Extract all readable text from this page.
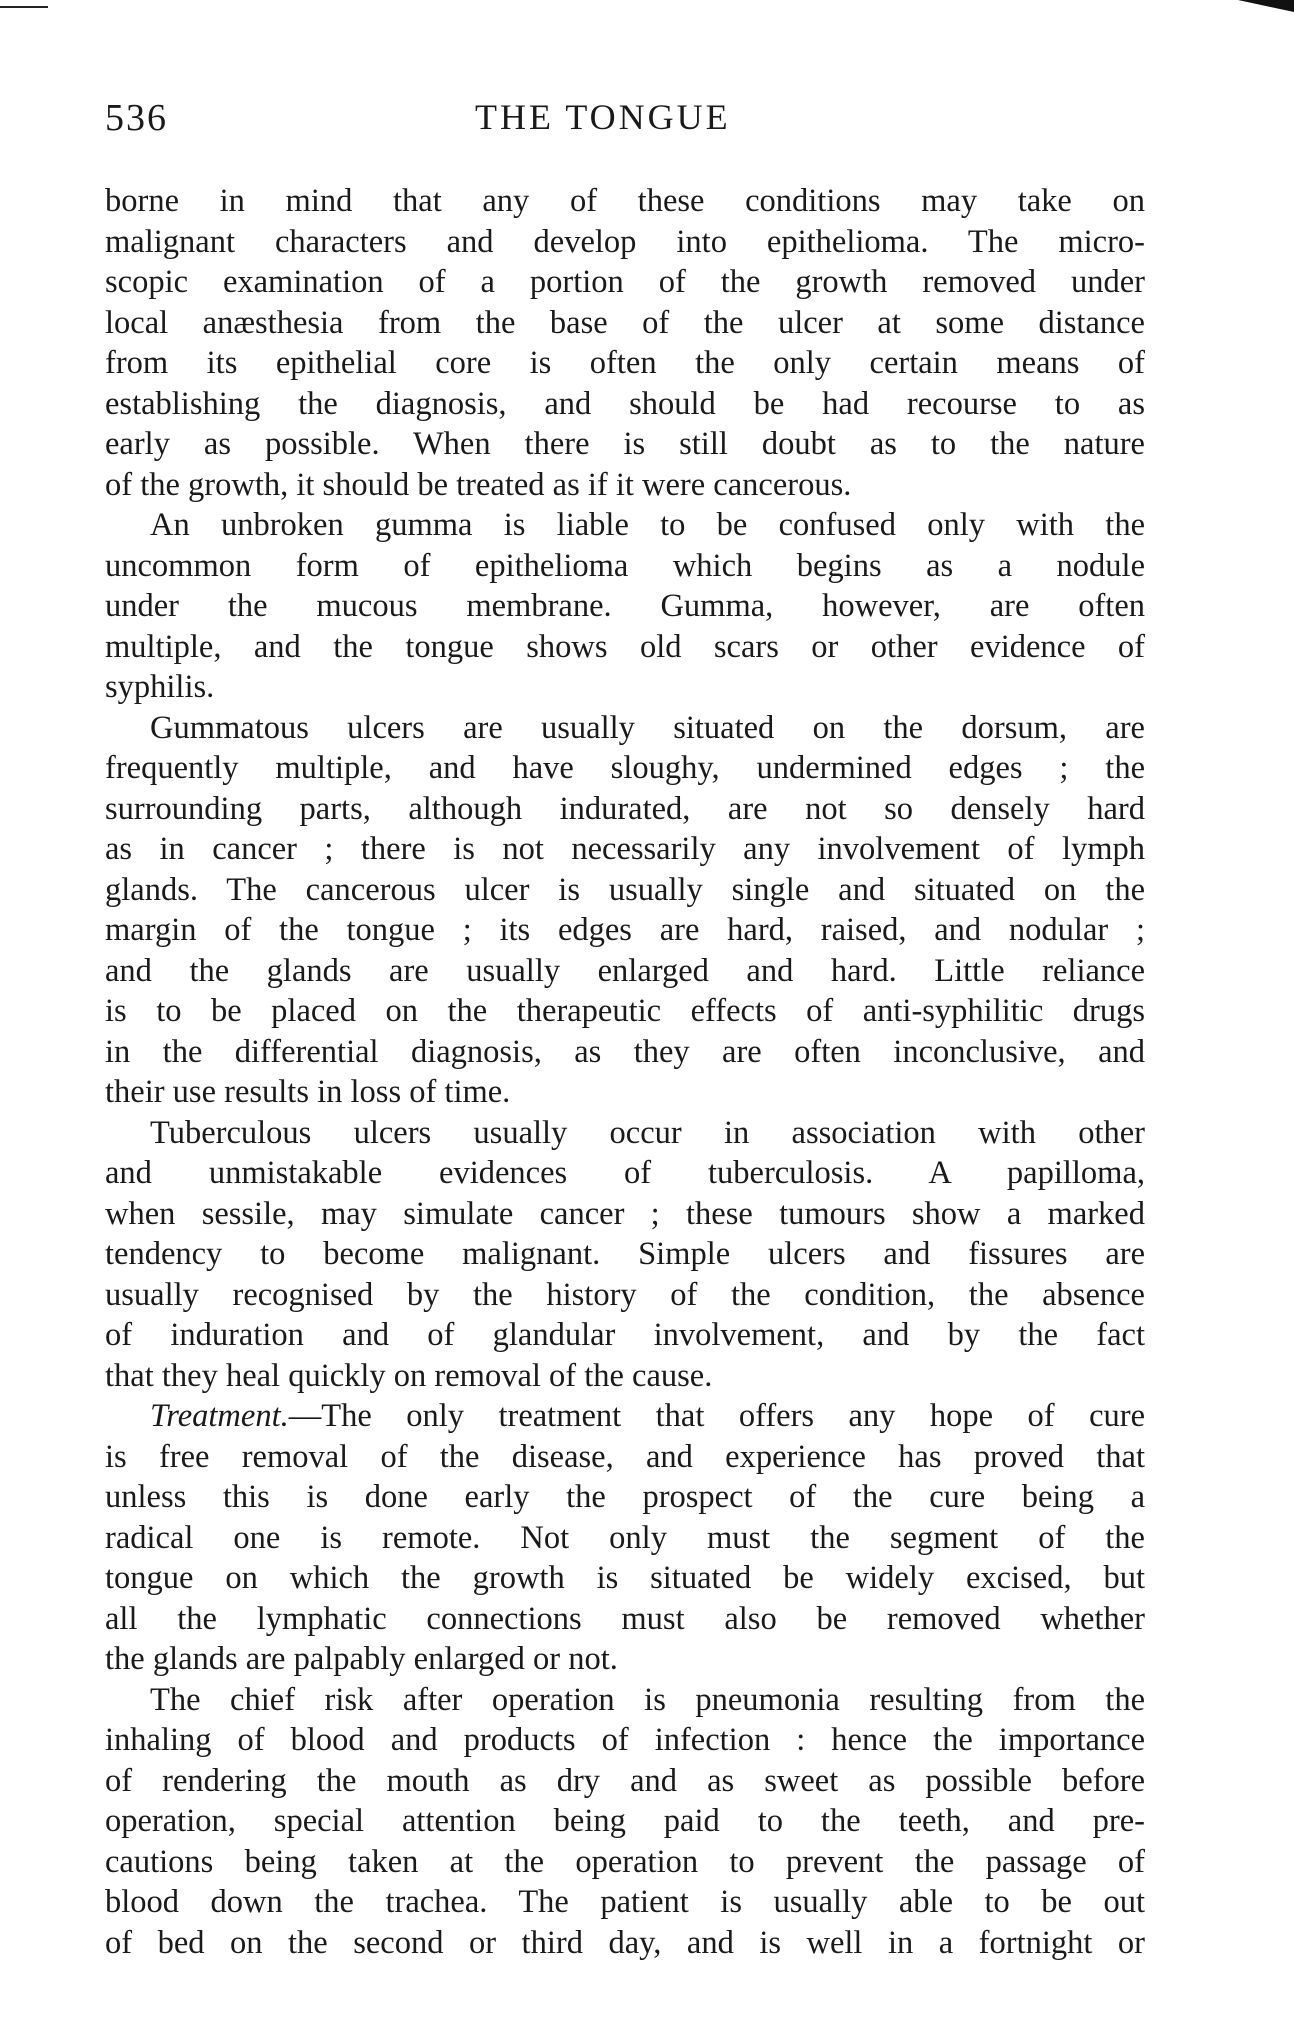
536	THE TONGUE

borne in mind that any of these conditions may take on
malignant characters and develop into epithelioma. The micro-
scopic examination of a portion of the growth removed under
local anæsthesia from the base of the ulcer at some distance
from its epithelial core is often the only certain means of
establishing the diagnosis, and should be had recourse to as
early as possible. When there is still doubt as to the nature
of the growth, it should be treated as if it were cancerous.

An unbroken gumma is liable to be confused only with the
uncommon form of epithelioma which begins as a nodule
under the mucous membrane. Gumma, however, are often
multiple, and the tongue shows old scars or other evidence of
syphilis.

Gummatous ulcers are usually situated on the dorsum, are
frequently multiple, and have sloughy, undermined edges ; the
surrounding parts, although indurated, are not so densely hard
as in cancer ; there is not necessarily any involvement of lymph
glands. The cancerous ulcer is usually single and situated on the
margin of the tongue ; its edges are hard, raised, and nodular ;
and the glands are usually enlarged and hard. Little reliance
is to be placed on the therapeutic effects of anti-syphilitic drugs
in the differential diagnosis, as they are often inconclusive, and
their use results in loss of time.

Tuberculous ulcers usually occur in association with other
and unmistakable evidences of tuberculosis. A papilloma,
when sessile, may simulate cancer ; these tumours show a marked
tendency to become malignant. Simple ulcers and fissures are
usually recognised by the history of the condition, the absence
of induration and of glandular involvement, and by the fact
that they heal quickly on removal of the cause.

Treatment.—The only treatment that offers any hope of cure
is free removal of the disease, and experience has proved that
unless this is done early the prospect of the cure being a
radical one is remote. Not only must the segment of the
tongue on which the growth is situated be widely excised, but
all the lymphatic connections must also be removed whether
the glands are palpably enlarged or not.

The chief risk after operation is pneumonia resulting from the
inhaling of blood and products of infection : hence the importance
of rendering the mouth as dry and as sweet as possible before
operation, special attention being paid to the teeth, and pre-
cautions being taken at the operation to prevent the passage of
blood down the trachea. The patient is usually able to be out
of bed on the second or third day, and is well in a fortnight or
